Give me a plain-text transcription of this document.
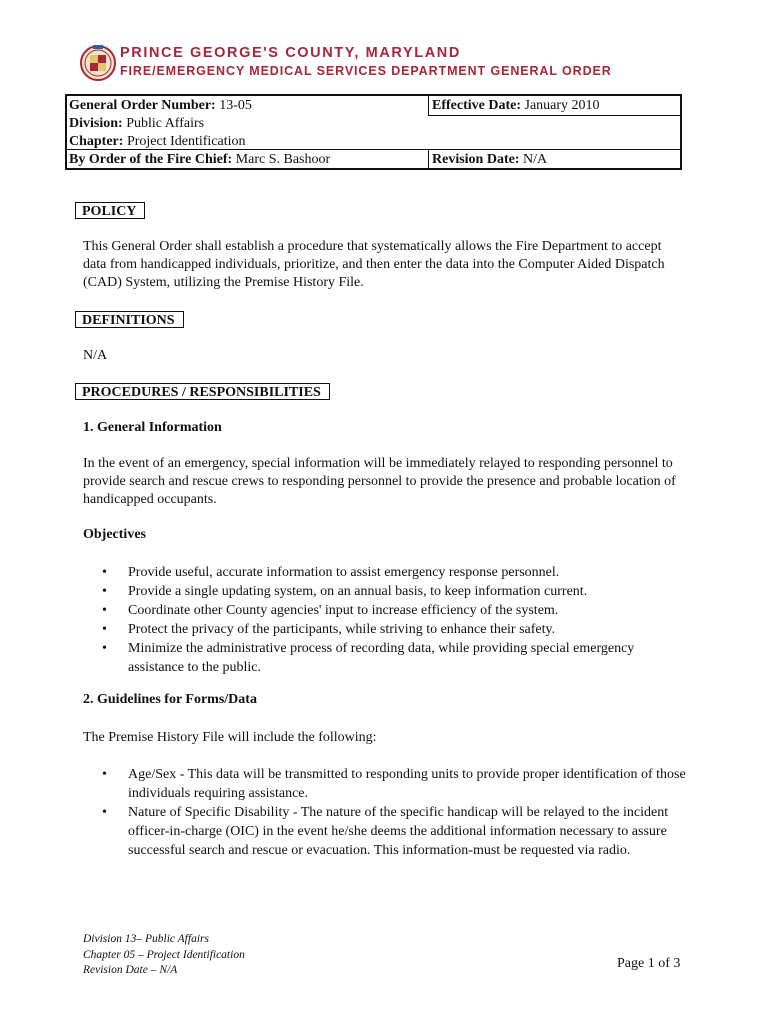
PRINCE GEORGE'S COUNTY, MARYLAND
FIRE/EMERGENCY MEDICAL SERVICES DEPARTMENT GENERAL ORDER
General Order Number: 13-05	Effective Date: January 2010
Division: Public Affairs
Chapter: Project Identification
By Order of the Fire Chief: Marc S. Bashoor	Revision Date: N/A
POLICY
This General Order shall establish a procedure that systematically allows the Fire Department to accept data from handicapped individuals, prioritize, and then enter the data into the Computer Aided Dispatch (CAD) System, utilizing the Premise History File.
DEFINITIONS
N/A
PROCEDURES / RESPONSIBILITIES
1. General Information
In the event of an emergency, special information will be immediately relayed to responding personnel to provide search and rescue crews to responding personnel to provide the presence and probable location of handicapped occupants.
Objectives
• Provide useful, accurate information to assist emergency response personnel.
• Provide a single updating system, on an annual basis, to keep information current.
• Coordinate other County agencies' input to increase efficiency of the system.
• Protect the privacy of the participants, while striving to enhance their safety.
• Minimize the administrative process of recording data, while providing special emergency assistance to the public.
2. Guidelines for Forms/Data
The Premise History File will include the following:
• Age/Sex - This data will be transmitted to responding units to provide proper identification of those individuals requiring assistance.
• Nature of Specific Disability - The nature of the specific handicap will be relayed to the incident officer-in-charge (OIC) in the event he/she deems the additional information necessary to assure successful search and rescue or evacuation. This information-must be requested via radio.
Division 13– Public Affairs
Chapter 05 – Project Identification
Revision Date – N/A	Page 1 of 3
